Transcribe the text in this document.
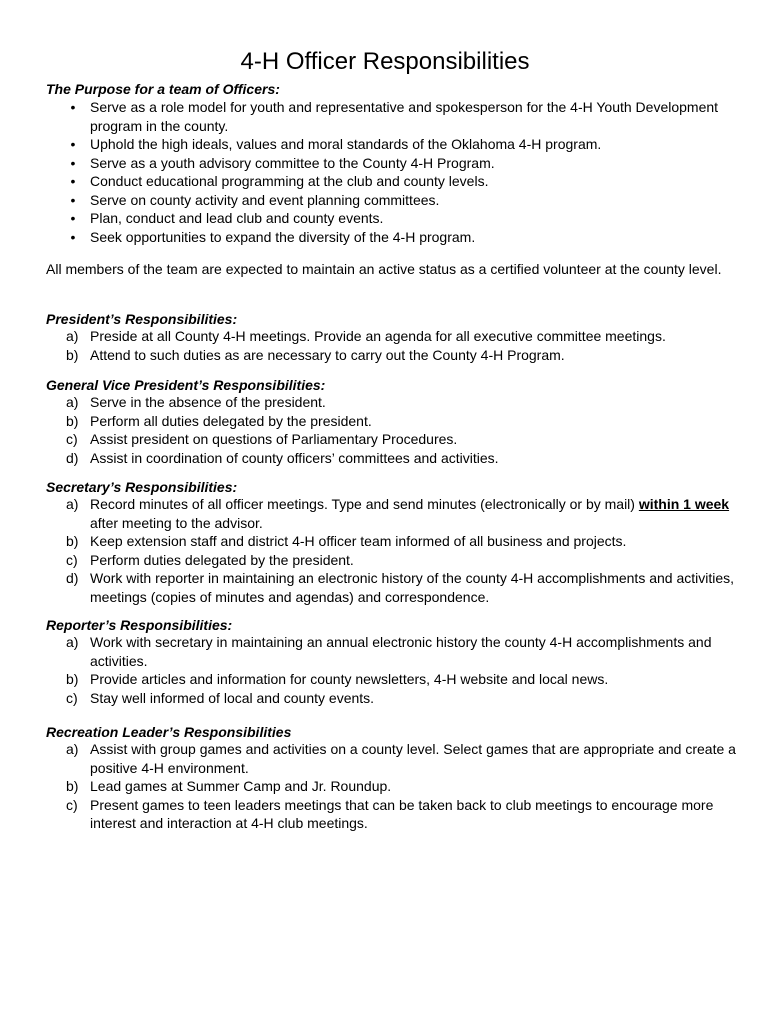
4-H Officer Responsibilities

The Purpose for a team of Officers:

•	Serve as a role model for youth and representative and spokesperson for the 4-H Youth Development program in the county.
•	Uphold the high ideals, values and moral standards of the Oklahoma 4-H program.
•	Serve as a youth advisory committee to the County 4-H Program.
•	Conduct educational programming at the club and county levels.
•	Serve on county activity and event planning committees.
•	Plan, conduct and lead club and county events.
•	Seek opportunities to expand the diversity of the 4-H program.

All members of the team are expected to maintain an active status as a certified volunteer at the county level.

President’s Responsibilities:

a) Preside at all County 4-H meetings. Provide an agenda for all executive committee meetings.
b) Attend to such duties as are necessary to carry out the County 4-H Program.

General Vice President’s Responsibilities:

a) Serve in the absence of the president.
b) Perform all duties delegated by the president.
c) Assist president on questions of Parliamentary Procedures.
d) Assist in coordination of county officers’ committees and activities.

Secretary’s Responsibilities:

a) Record minutes of all officer meetings. Type and send minutes (electronically or by mail) within 1 week after meeting to the advisor.
b) Keep extension staff and district 4-H officer team informed of all business and projects.
c) Perform duties delegated by the president.
d) Work with reporter in maintaining an electronic history of the county 4-H accomplishments and activities, meetings (copies of minutes and agendas) and correspondence.

Reporter’s Responsibilities:

a) Work with secretary in maintaining an annual electronic history the county 4-H accomplishments and activities.
b) Provide articles and information for county newsletters, 4-H website and local news.
c) Stay well informed of local and county events.

Recreation Leader’s Responsibilities

a) Assist with group games and activities on a county level. Select games that are appropriate and create a positive 4-H environment.
b) Lead games at Summer Camp and Jr. Roundup.
c) Present games to teen leaders meetings that can be taken back to club meetings to encourage more interest and interaction at 4-H club meetings.
